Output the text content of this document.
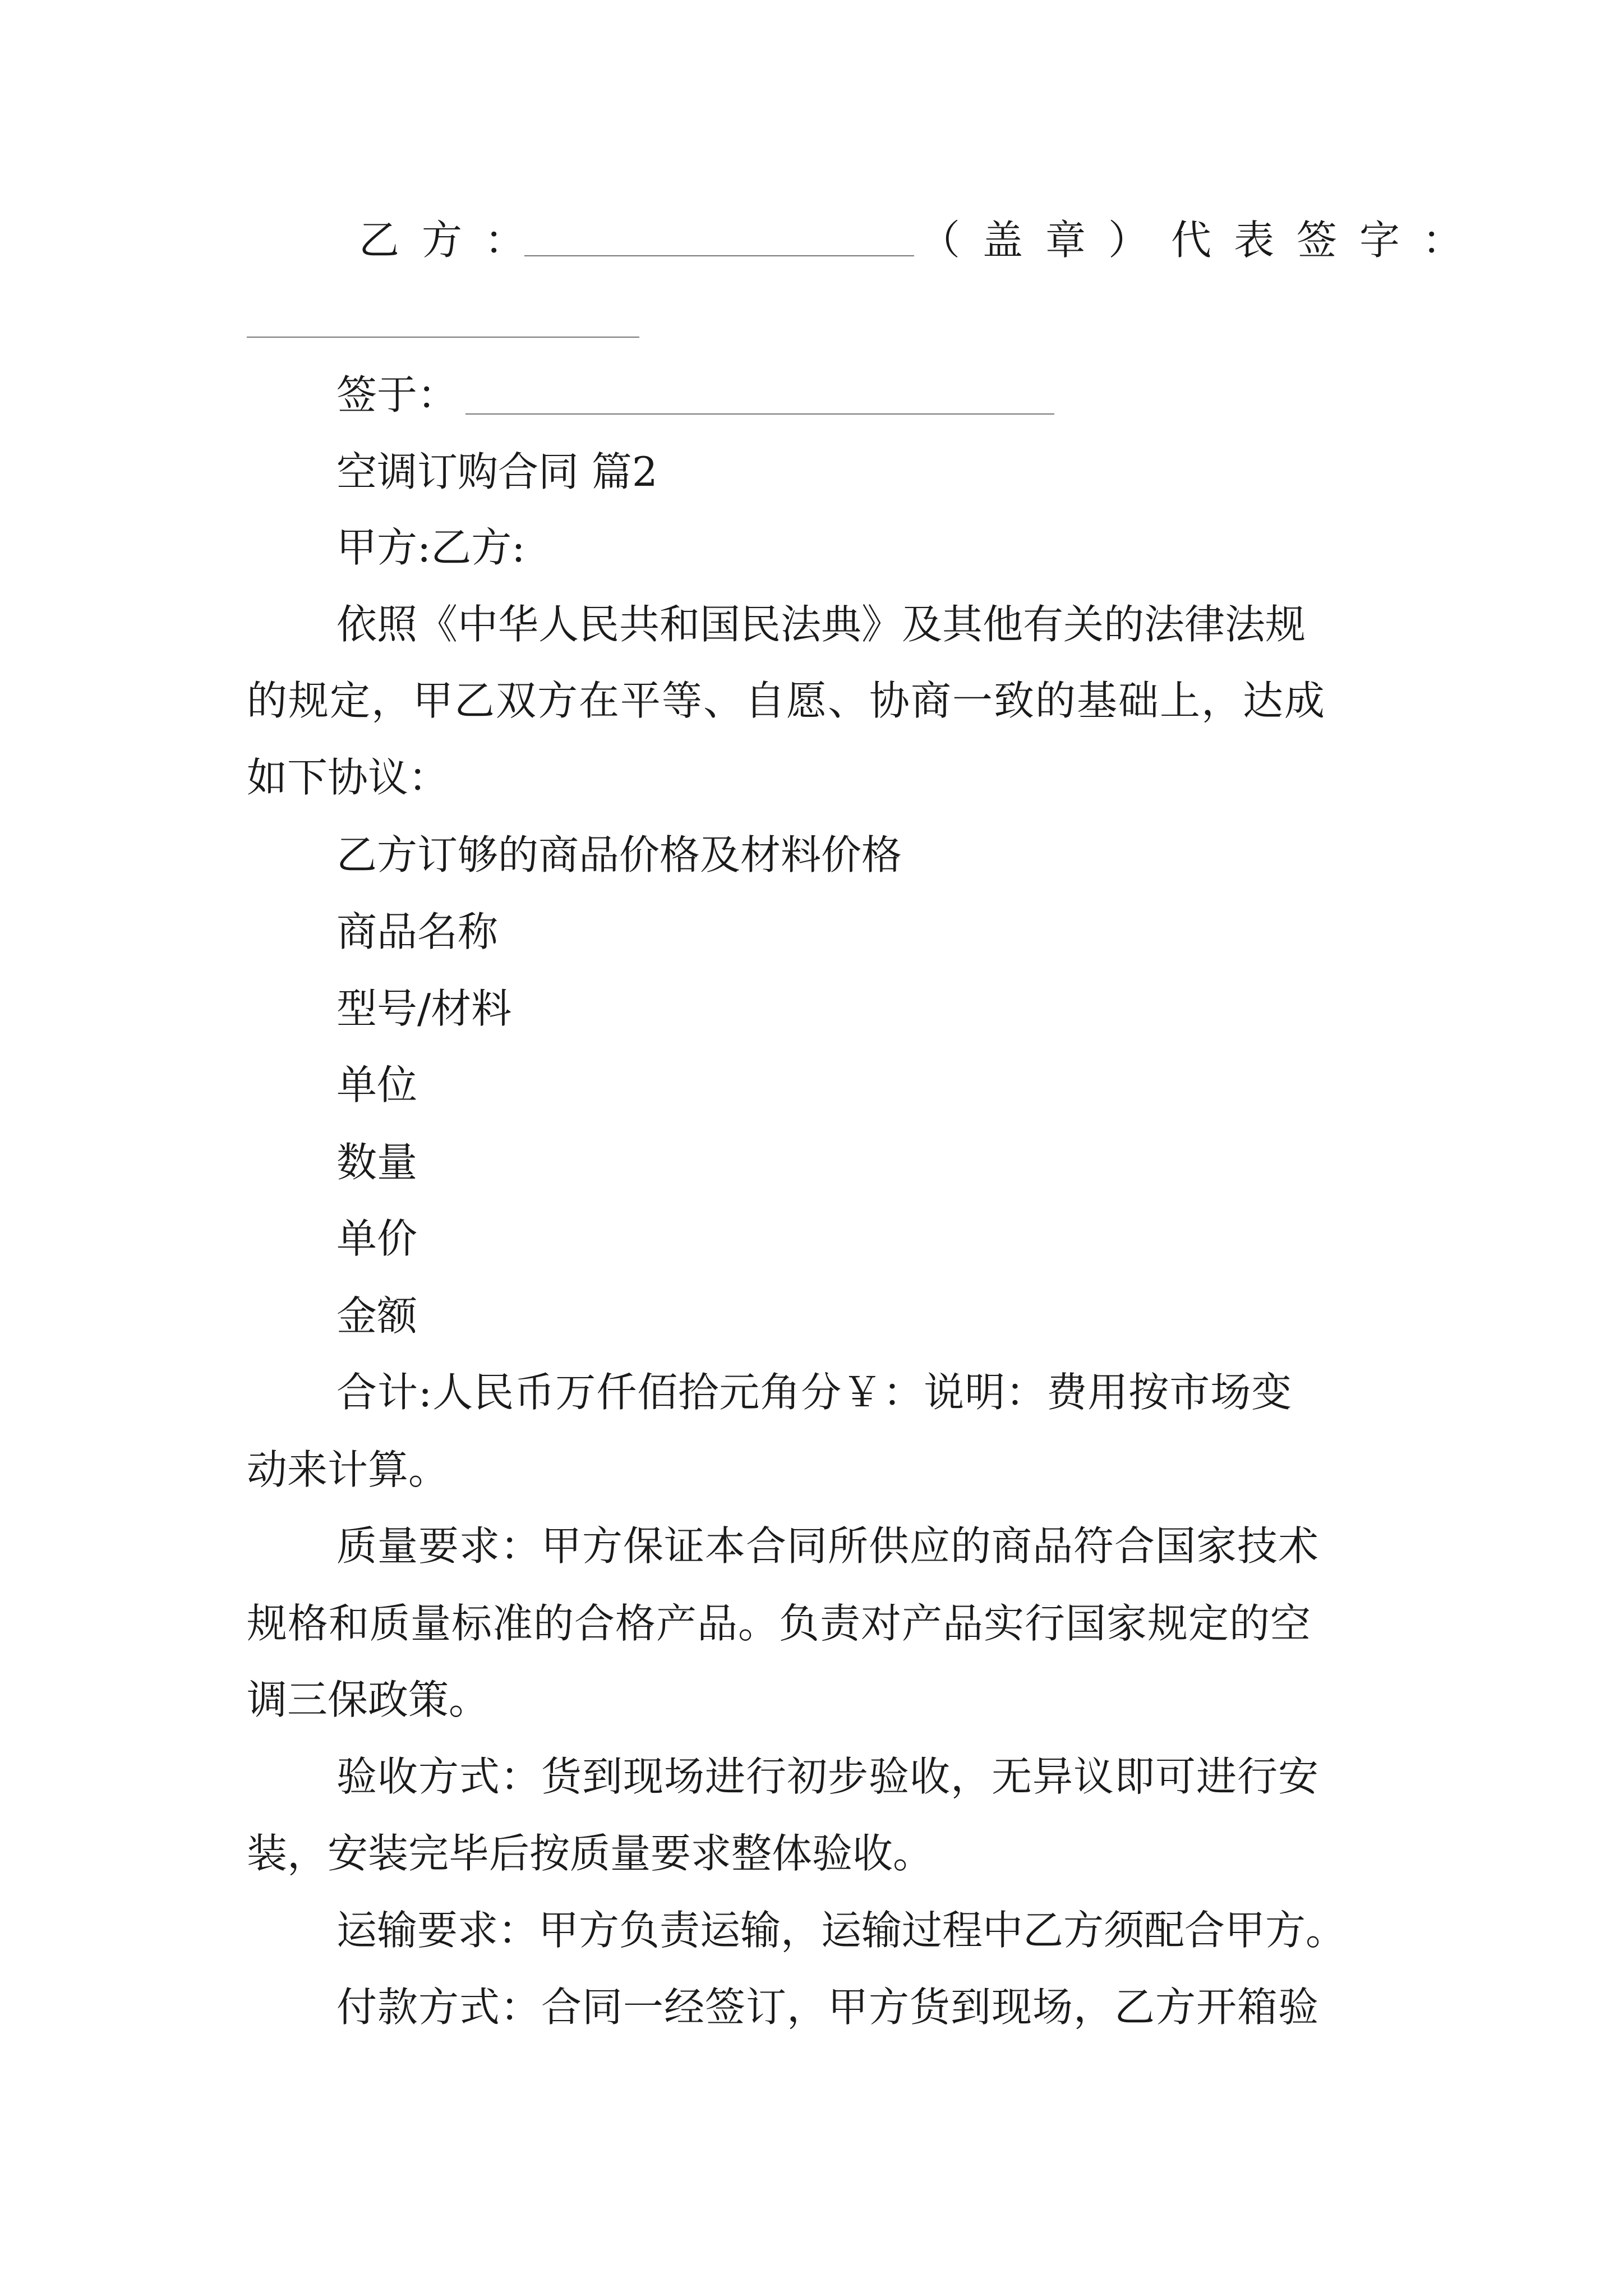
乙方：	（盖章）代表签字：
签于：
空调订购合同 篇2
甲方:乙方:
依照《中华人民共和国民法典》及其他有关的法律法规
的规定，甲乙双方在平等、自愿、协商一致的基础上，达成
如下协议：
乙方订够的商品价格及材料价格
商品名称
型号/材料
单位
数量
单价
金额
合计:人民币万仟佰拾元角分￥：说明：费用按市场变
动来计算。
质量要求：甲方保证本合同所供应的商品符合国家技术
规格和质量标准的合格产品。负责对产品实行国家规定的空
调三保政策。
验收方式：货到现场进行初步验收，无异议即可进行安
装，安装完毕后按质量要求整体验收。
运输要求：甲方负责运输，运输过程中乙方须配合甲方。
付款方式：合同一经签订，甲方货到现场，乙方开箱验
